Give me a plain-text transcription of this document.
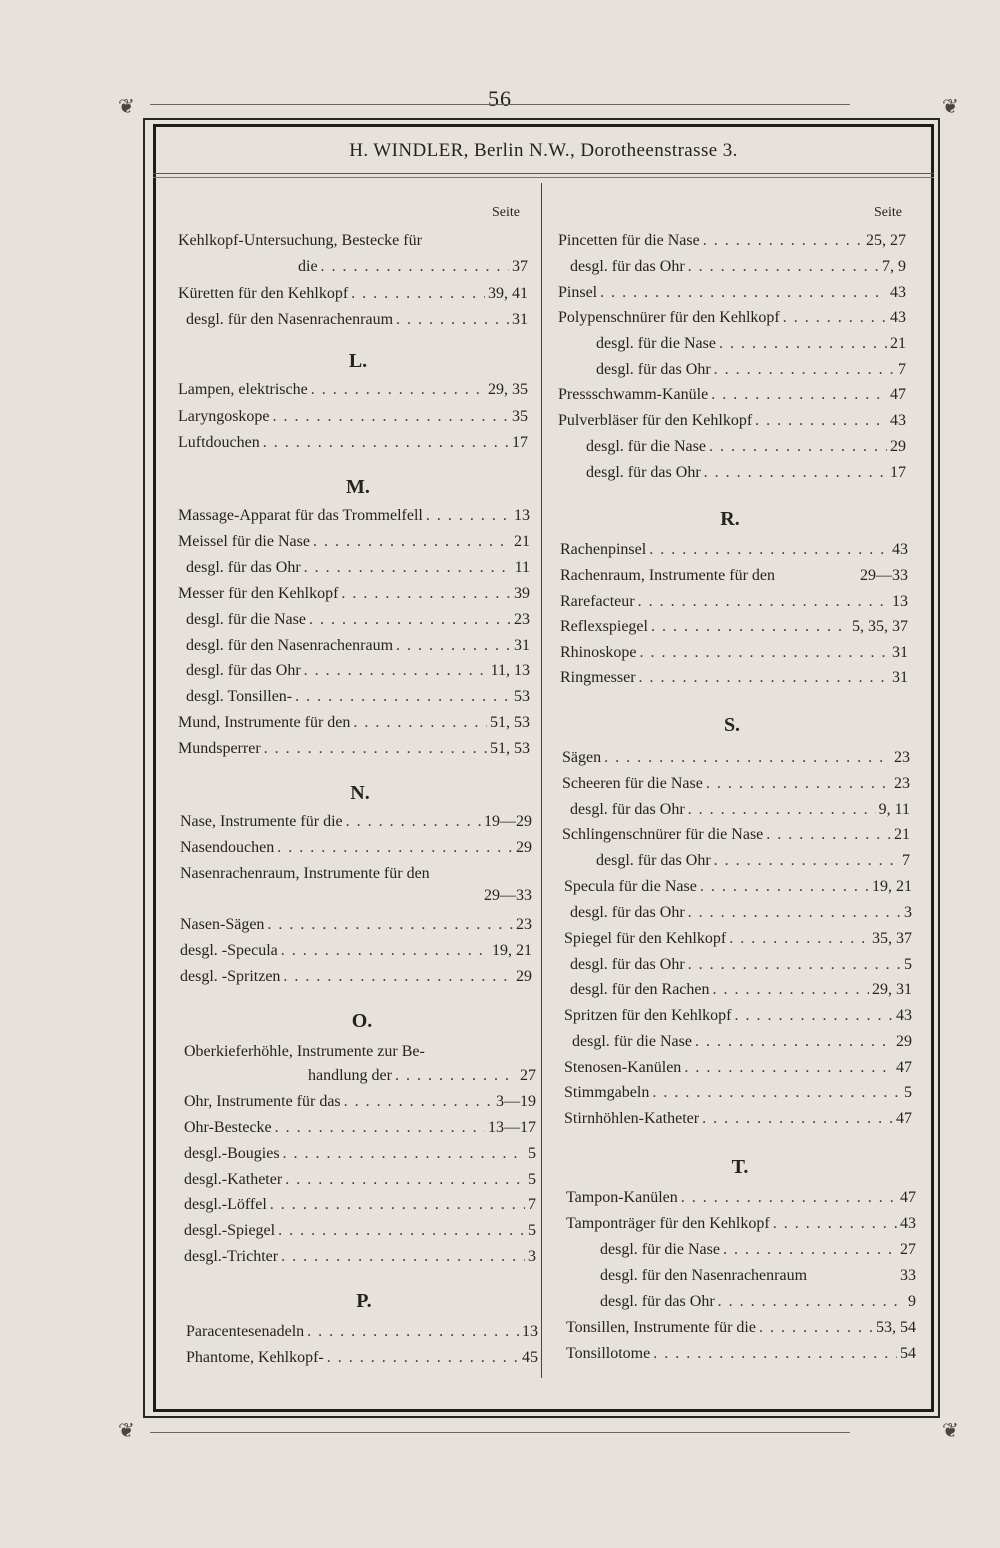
56
❦	❦
❦	❦
H. WINDLER, Berlin N.W., Dorotheenstrasse 3.
Seite	Seite
Kehlkopf-Untersuchung, Bestecke für
die . . .	37
Küretten für den Kehlkopf . . .	39, 41
desgl. für den Nasenrachenraum . . .	31
Lampen, elektrische . . .	29, 35
Laryngoskope . . .	35
Luftdouchen . . .	17
Massage-Apparat für das Trommelfell . . .	13
Meissel für die Nase . . .	21
desgl. für das Ohr . . .	11
Messer für den Kehlkopf . . .	39
desgl. für die Nase . . .	23
desgl. für den Nasenrachenraum . . .	31
desgl. für das Ohr . . .	11, 13
desgl. Tonsillen- . . .	53
Mund, Instrumente für den . . .	51, 53
Mundsperrer . . .	51, 53
Nase, Instrumente für die . . .	19—29
Nasendouchen . . .	29
Nasenrachenraum, Instrumente für den
29—33
Nasen-Sägen . . .	23
desgl. -Specula . . .	19, 21
desgl. -Spritzen . . .	29
Oberkieferhöhle, Instrumente zur Be-
handlung der . . .	27
Ohr, Instrumente für das . . .	3—19
Ohr-Bestecke . . .	13—17
desgl.-Bougies . . .	5
desgl.-Katheter . . .	5
desgl.-Löffel . . .	7
desgl.-Spiegel . . .	5
desgl.-Trichter . . .	3
Paracentesenadeln . . .	13
Phantome, Kehlkopf- . . .	45
L.
M.
N.
O.
P.
Pincetten für die Nase . . .	25, 27
desgl. für das Ohr . . .	7, 9
Pinsel . . .	43
Polypenschnürer für den Kehlkopf . . .	43
desgl. für die Nase . . .	21
desgl. für das Ohr . . .	7
Pressschwamm-Kanüle . . .	47
Pulverbläser für den Kehlkopf . . .	43
desgl. für die Nase . . .	29
desgl. für das Ohr . . .	17
Rachenpinsel . . .	43
Rachenraum, Instrumente für den	29—33
Rarefacteur . . .	13
Reflexspiegel . . .	5, 35, 37
Rhinoskope . . .	31
Ringmesser . . .	31
Sägen . . .	23
Scheeren für die Nase . . .	23
desgl. für das Ohr . . .	9, 11
Schlingenschnürer für die Nase . . .	21
desgl. für das Ohr . . .	7
Specula für die Nase . . .	19, 21
desgl. für das Ohr . . .	3
Spiegel für den Kehlkopf . . .	35, 37
desgl. für das Ohr . . .	5
desgl. für den Rachen . . .	29, 31
Spritzen für den Kehlkopf . . .	43
desgl. für die Nase . . .	29
Stenosen-Kanülen . . .	47
Stimmgabeln . . .	5
Stirnhöhlen-Katheter . . .	47
Tampon-Kanülen . . .	47
Tamponträger für den Kehlkopf . . .	43
desgl. für die Nase . . .	27
desgl. für den Nasenrachenraum	33
desgl. für das Ohr . . .	9
Tonsillen, Instrumente für die . . .	53, 54
Tonsillotome . . .	54
R.
S.
T.
